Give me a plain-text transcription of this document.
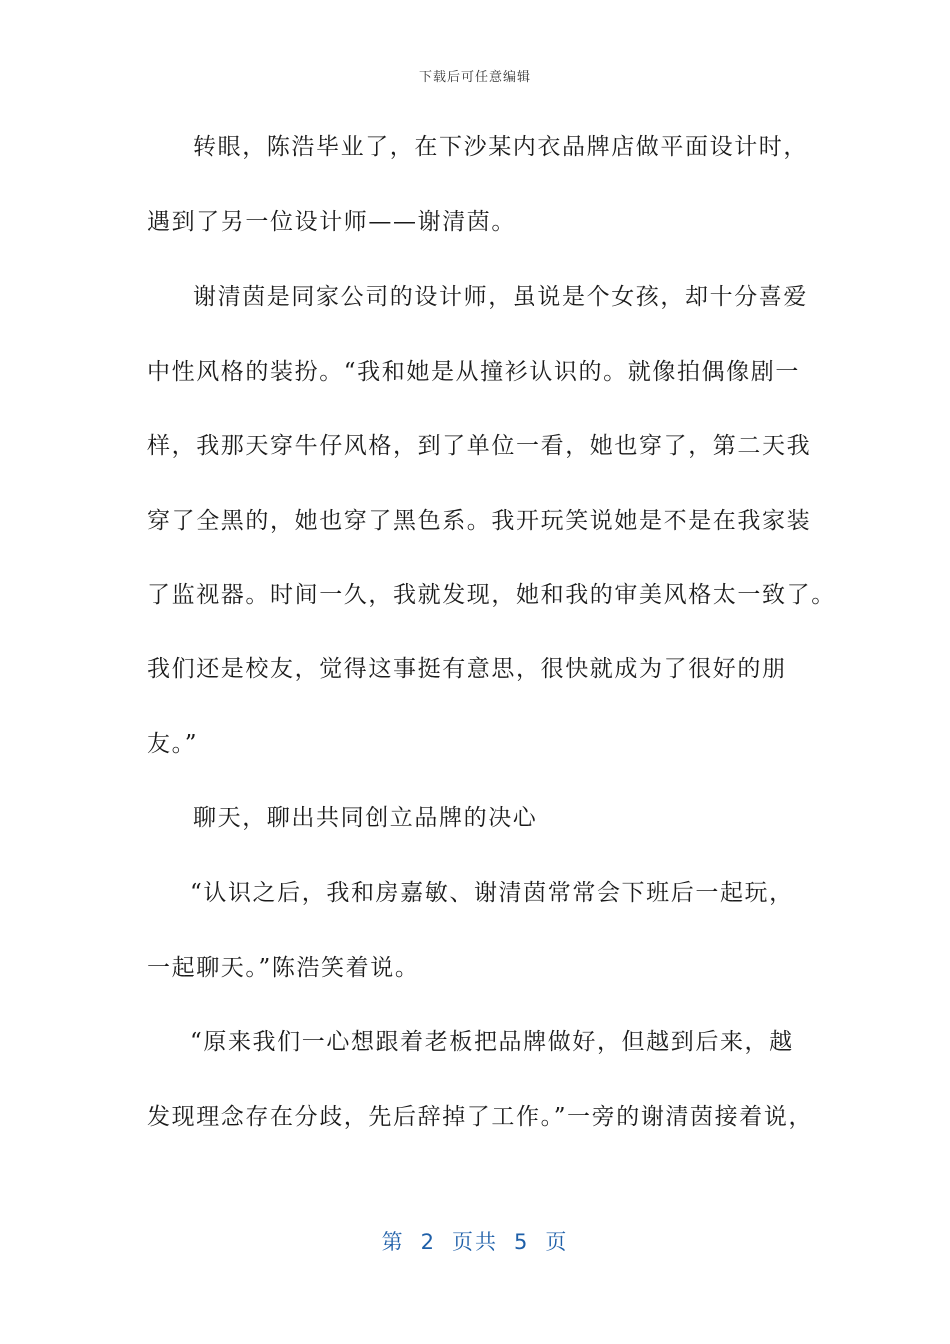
下载后可任意编辑
转眼，陈浩毕业了，在下沙某内衣品牌店做平面设计时，
遇到了另一位设计师——谢清茵。
谢清茵是同家公司的设计师，虽说是个女孩，却十分喜爱
中性风格的装扮。“我和她是从撞衫认识的。就像拍偶像剧一
样，我那天穿牛仔风格，到了单位一看，她也穿了，第二天我
穿了全黑的，她也穿了黑色系。我开玩笑说她是不是在我家装
了监视器。时间一久，我就发现，她和我的审美风格太一致了。
我们还是校友，觉得这事挺有意思，很快就成为了很好的朋
友。”
聊天，聊出共同创立品牌的决心
“认识之后，我和房嘉敏、谢清茵常常会下班后一起玩，
一起聊天。”陈浩笑着说。
“原来我们一心想跟着老板把品牌做好，但越到后来，越
发现理念存在分歧，先后辞掉了工作。”一旁的谢清茵接着说，
第 2 页共 5 页
